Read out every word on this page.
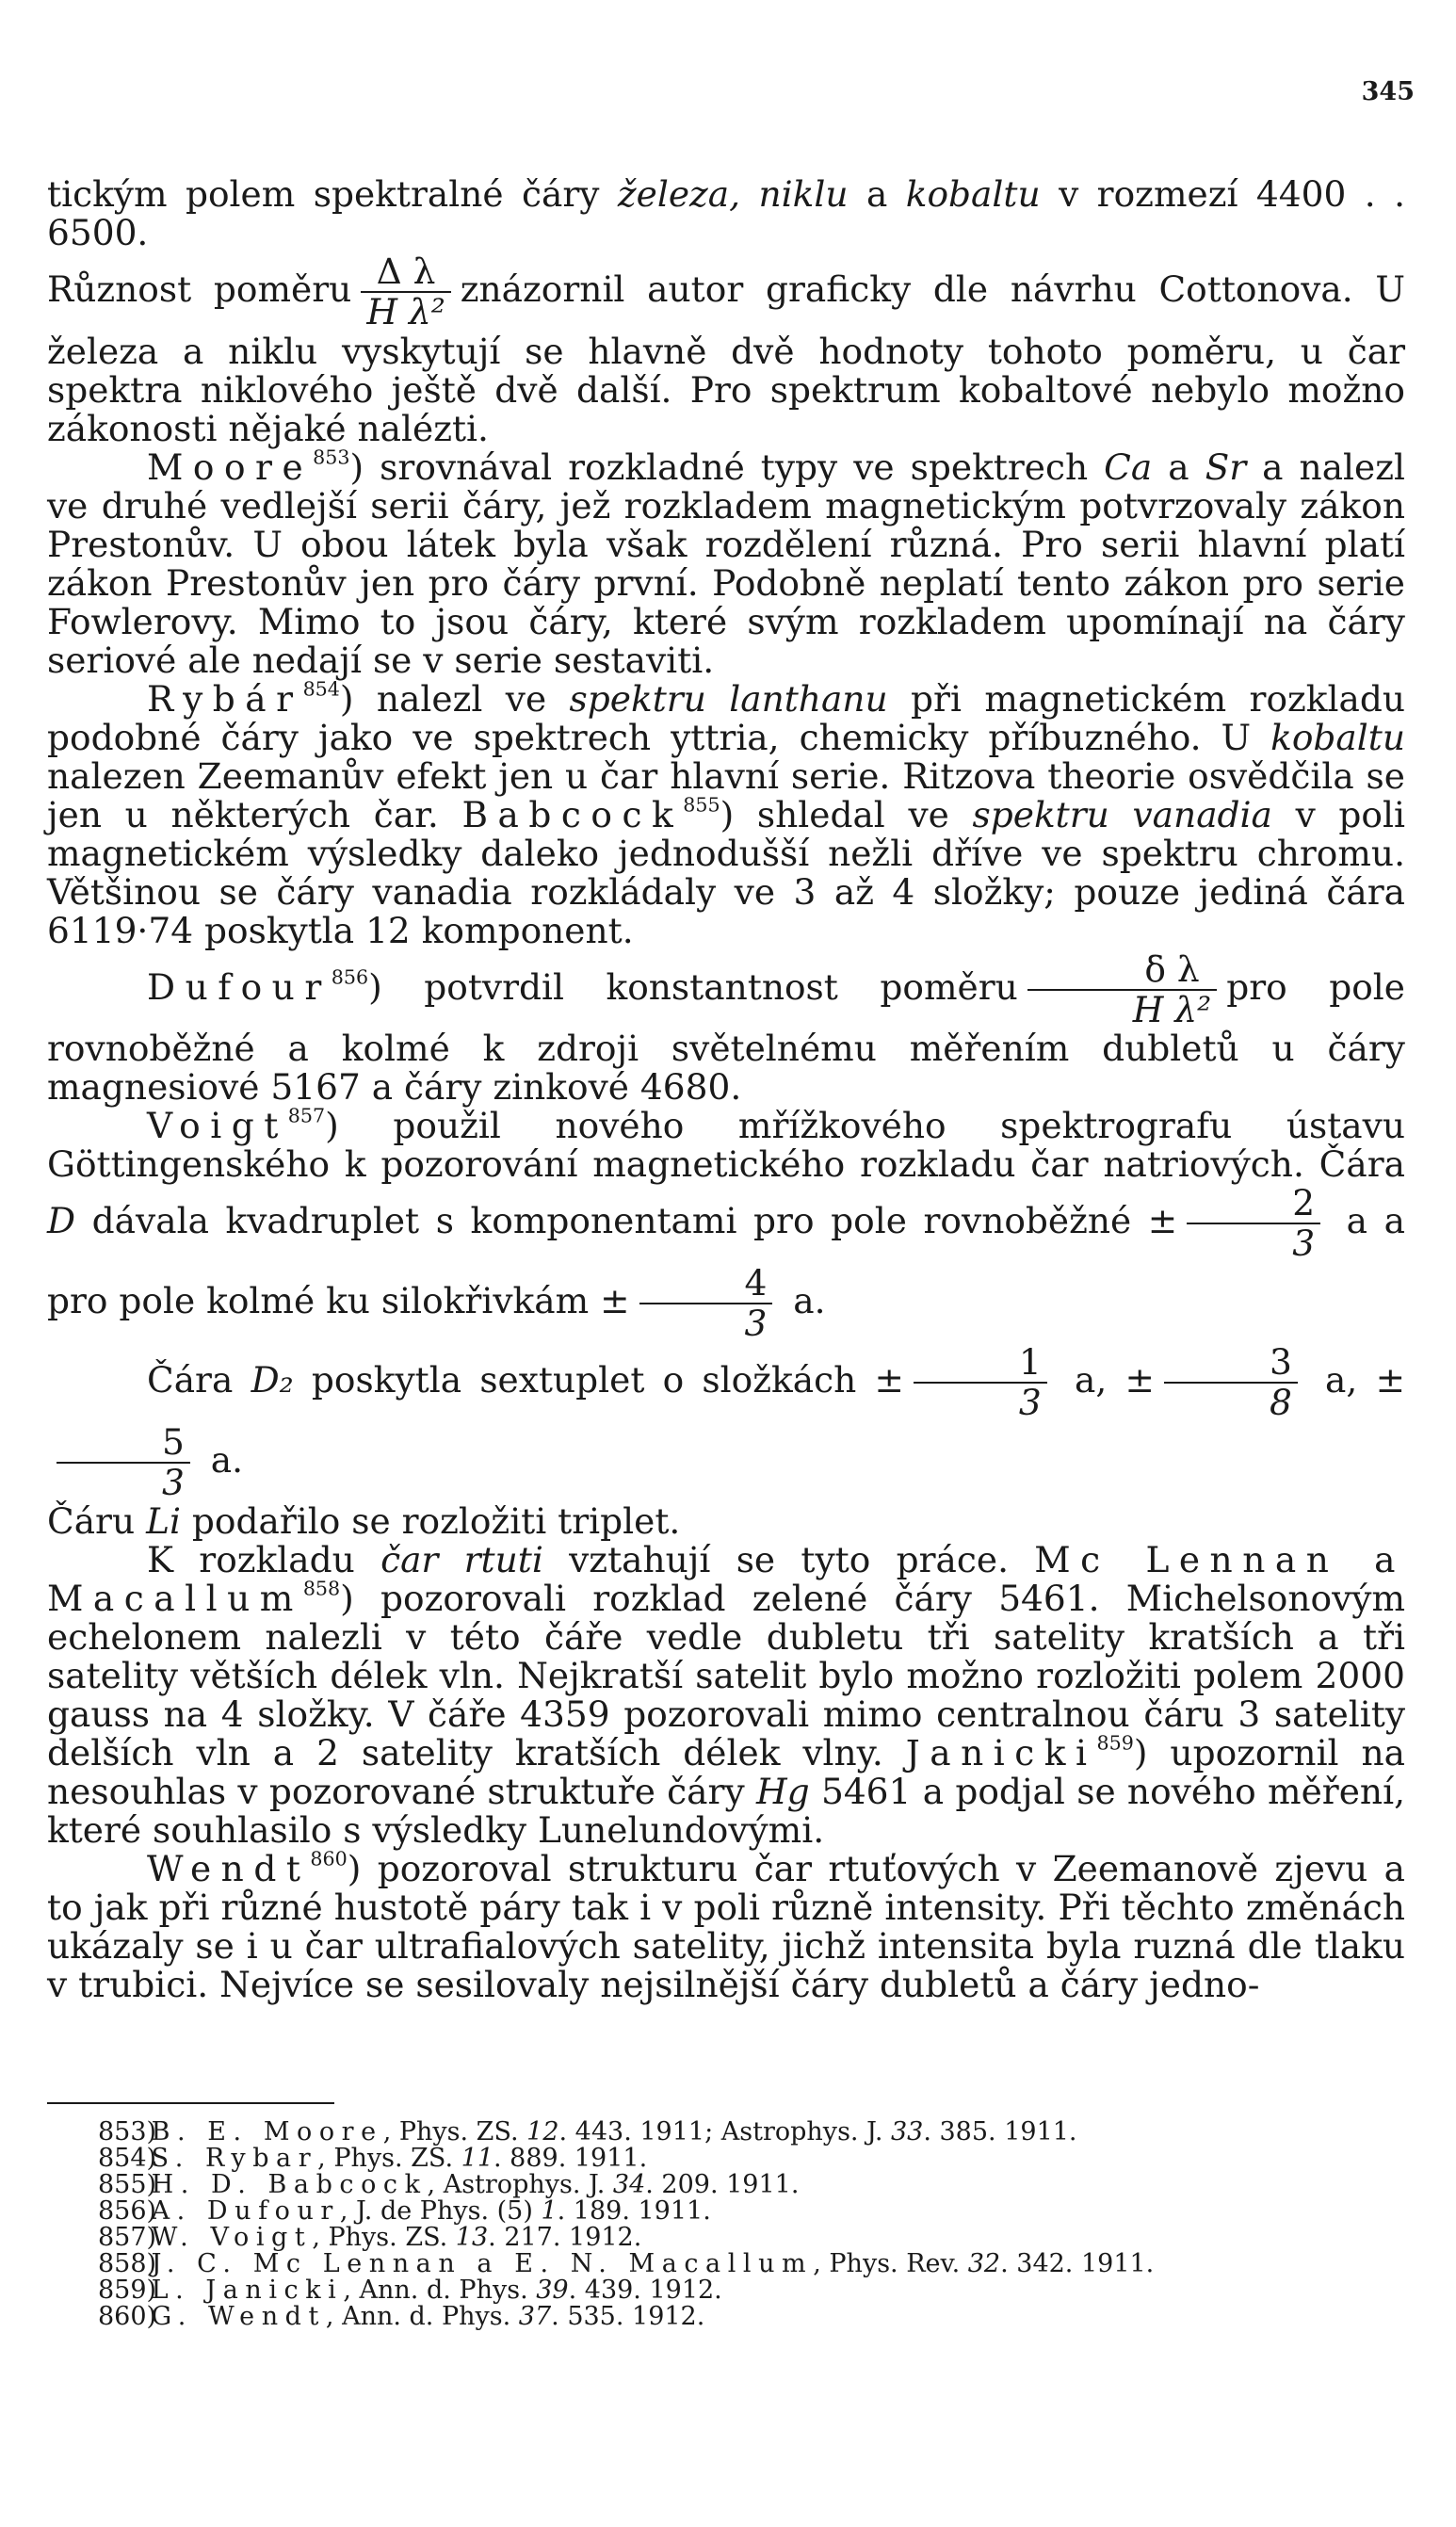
345

tickým polem spektralné čáry železa, niklu a kobaltu v rozmezí 4400 . . 6500.

Různost poměru $\frac{\text{Δ λ}}{\text{H λ²}}$ znázornil autor graficky dle návrhu Cottonova. U železa a niklu vyskytují se hlavně dvě hodnoty tohoto poměru, u čar spektra niklového ještě dvě další. Pro spektrum kobaltové nebylo možno zákonosti nějaké nalézti.

Moore$^{853}$) srovnával rozkladné typy ve spektrech Ca a Sr a nalezl ve druhé vedlejší serii čáry, jež rozkladem magnetickým potvrzovaly zákon Prestonův. U obou látek byla však rozdělení různá. Pro serii hlavní platí zákon Prestonův jen pro čáry první. Podobně neplatí tento zákon pro serie Fowlerovy. Mimo to jsou čáry, které svým rozkladem upomínají na čáry seriové ale nedají se v serie sestaviti.

Rybár$^{854}$) nalezl ve spektru lanthanu při magnetickém rozkladu podobné čáry jako ve spektrech yttria, chemicky příbuzného. U kobaltu nalezen Zeemanův efekt jen u čar hlavní serie. Ritzova theorie osvědčila se jen u některých čar. Babcock$^{855}$) shledal ve spektru vanadia v poli magnetickém výsledky daleko jednodušší nežli dříve ve spektru chromu. Většinou se čáry vanadia rozkládaly ve 3 až 4 složky; pouze jediná čára 6119·74 poskytla 12 komponent.

Dufour$^{856}$) potvrdil konstantnost poměru $\frac{\text{δ λ}}{\text{H λ²}}$ pro pole rovnoběžné a kolmé k zdroji světelnému měřením dubletů u čáry magnesiové 5167 a čáry zinkové 4680.

Voigt$^{857}$) použil nového mřížkového spektrografu ústavu Göttingenského k pozorování magnetického rozkladu čar natriových. Čára D dávala kvadruplet s komponentami pro pole rovnoběžné ± $\frac{2}{3}$ a a pro pole kolmé ku silokřivkám ± $\frac{4}{3} a$.

Čára D₂ poskytla sextuplet o složkách ± $\frac{1}{3} a$, ± $\frac{3}{8} a$, ±
$\frac{5}{3} a$.

Čáru Li podařilo se rozložiti triplet.

K rozkladu čar rtuti vztahují se tyto práce. Mc Lennan a Macallum$^{858}$) pozorovali rozklad zelené čáry 5461. Michelsonovým echelonem nalezli v této čáře vedle dubletu tři satelity kratších a tři satelity větších délek vln. Nejkratší satelit bylo možno rozložiti polem 2000 gauss na 4 složky. V čáře 4359 pozorovali mimo centralnou čáru 3 satelity delších vln a 2 satelity kratších délek vlny. Janicki$^{859}$) upozornil na nesouhlas v pozorované struktuře čáry Hg 5461 a podjal se nového měření, které souhlasilo s výsledky Lunelundovými.

Wendt$^{860}$) pozoroval strukturu čar rtuťových v Zeemanově zjevu a to jak při různé hustotě páry tak i v poli různě intensity. Při těchto změnách ukázaly se i u čar ultrafialových satelity, jichž intensita byla ruzná dle tlaku v trubici. Nejvíce se sesilovaly nejsilnější čáry dubletů a čáry jedno-

853) B. E. Moore, Phys. ZS. 12. 443. 1911; Astrophys. J. 33. 385. 1911.
854) S. Rybar, Phys. ZS. 11. 889. 1911.
855) H. D. Babcock, Astrophys. J. 34. 209. 1911.
856) A. Dufour, J. de Phys. (5) 1. 189. 1911.
857) W. Voigt, Phys. ZS. 13. 217. 1912.
858) J. C. Mc Lennan a E. N. Macallum, Phys. Rev. 32. 342. 1911.
859) L. Janicki, Ann. d. Phys. 39. 439. 1912.
860) G. Wendt, Ann. d. Phys. 37. 535. 1912.
